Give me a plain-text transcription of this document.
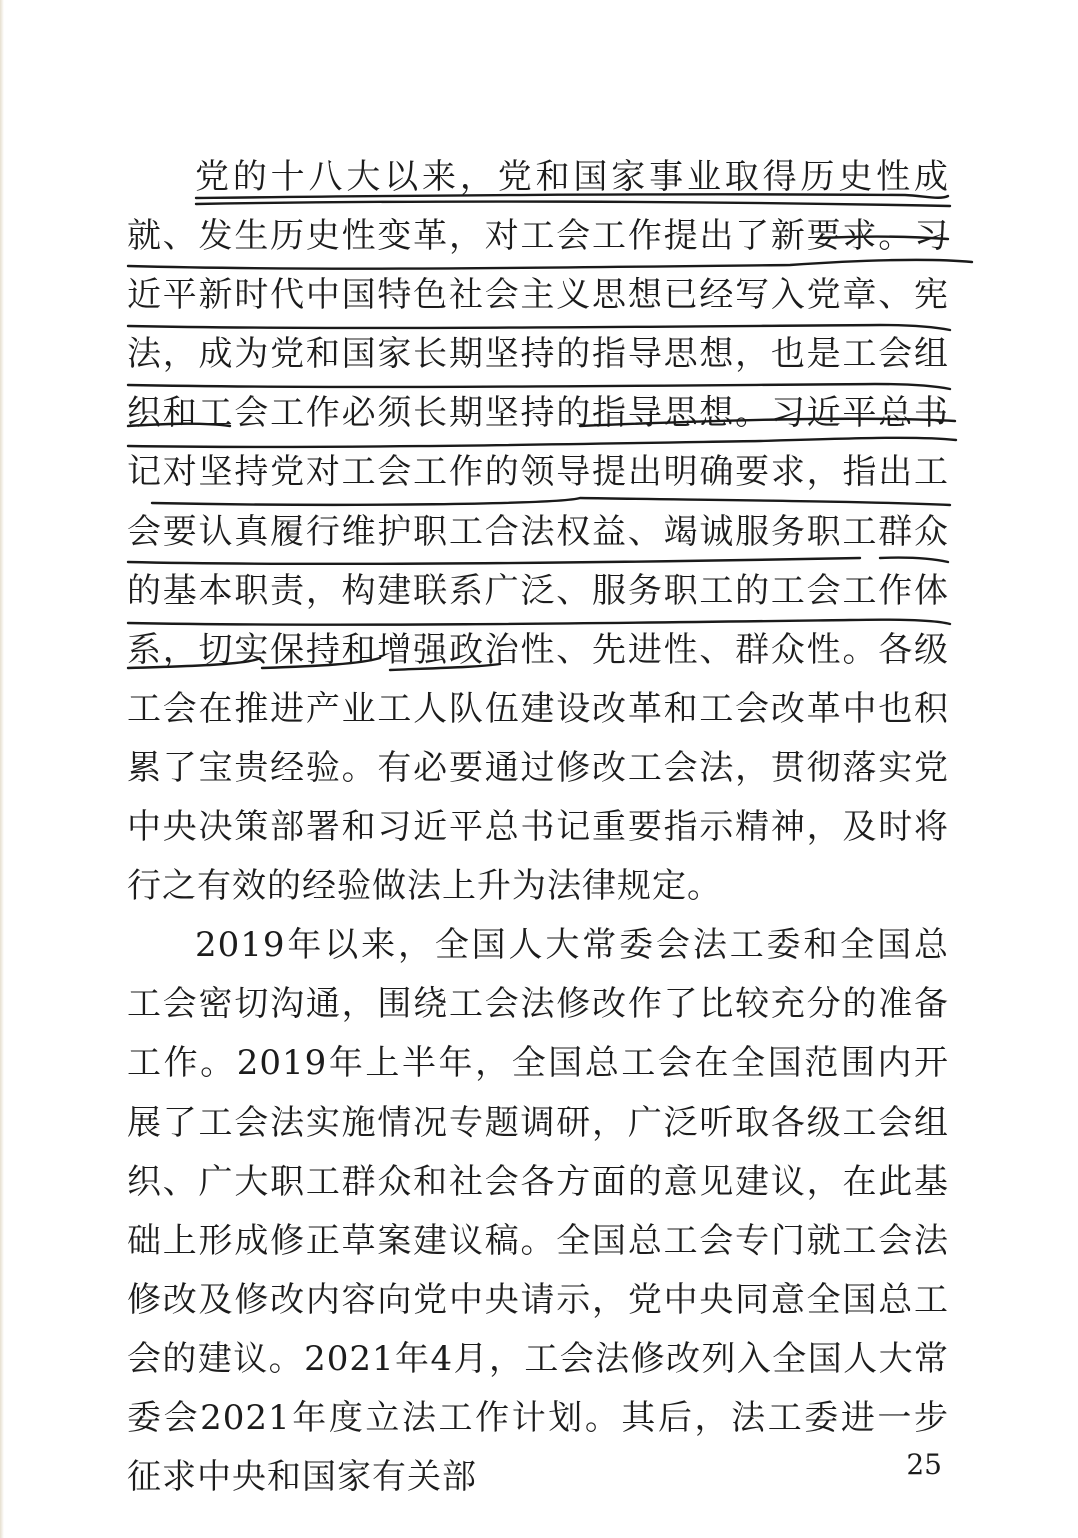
党的十八大以来，党和国家事业取得历史性成就、发生历史性变革，对工会工作提出了新要求。习近平新时代中国特色社会主义思想已经写入党章、宪法，成为党和国家长期坚持的指导思想，也是工会组织和工会工作必须长期坚持的指导思想。习近平总书记对坚持党对工会工作的领导提出明确要求，指出工会要认真履行维护职工合法权益、竭诚服务职工群众的基本职责，构建联系广泛、服务职工的工会工作体系，切实保持和增强政治性、先进性、群众性。各级工会在推进产业工人队伍建设改革和工会改革中也积累了宝贵经验。有必要通过修改工会法，贯彻落实党中央决策部署和习近平总书记重要指示精神，及时将行之有效的经验做法上升为法律规定。

2019年以来，全国人大常委会法工委和全国总工会密切沟通，围绕工会法修改作了比较充分的准备工作。2019年上半年，全国总工会在全国范围内开展了工会法实施情况专题调研，广泛听取各级工会组织、广大职工群众和社会各方面的意见建议，在此基础上形成修正草案建议稿。全国总工会专门就工会法修改及修改内容向党中央请示，党中央同意全国总工会的建议。2021年4月，工会法修改列入全国人大常委会2021年度立法工作计划。其后，法工委进一步征求中央和国家有关部	25
